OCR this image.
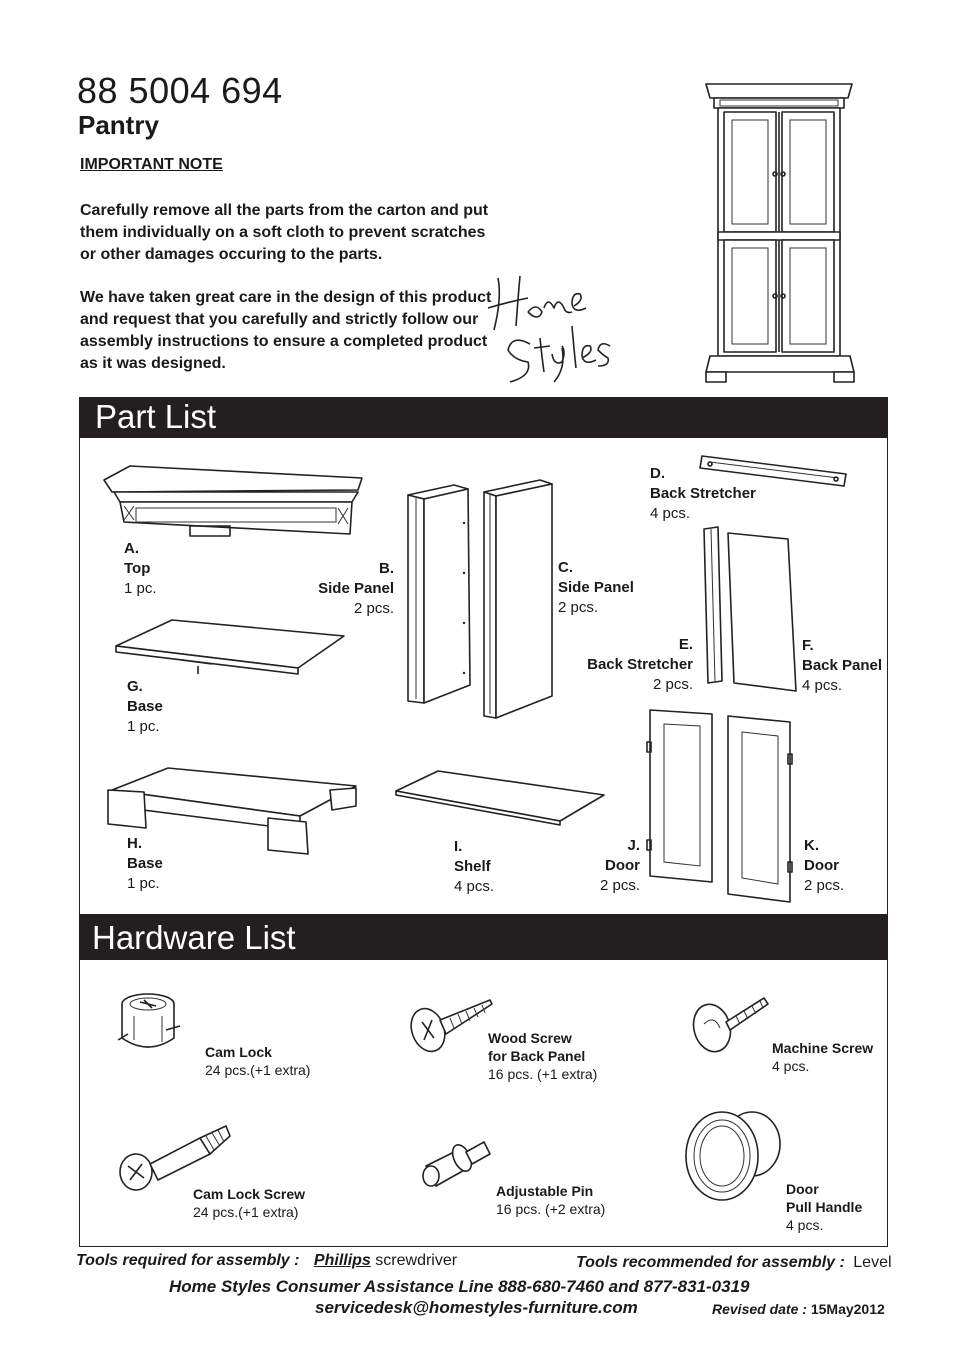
88 5004 694
Pantry
IMPORTANT NOTE
Carefully remove all the parts from the carton and put them individually on a soft cloth to prevent scratches or other damages occuring to the parts.
We have taken great care in the design of this product and request that you carefully and strictly follow our assembly instructions to ensure a completed product as it was designed.
Part List
A.
Top
1 pc.
B.
Side Panel
2 pcs.
C.
Side Panel
2 pcs.
D.
Back Stretcher
4 pcs.
E.
Back Stretcher
2 pcs.
F.
Back Panel
4 pcs.
G.
Base
1 pc.
H.
Base
1 pc.
I.
Shelf
4 pcs.
J.
Door
2 pcs.
K.
Door
2 pcs.
Hardware List
Cam Lock
24 pcs.(+1 extra)
Wood Screw
for Back Panel
16 pcs. (+1 extra)
Machine Screw
4 pcs.
Cam Lock Screw
24 pcs.(+1 extra)
Adjustable Pin
16 pcs. (+2 extra)
Door
Pull Handle
4 pcs.
Tools required for assembly : Phillips screwdriver	Tools recommended for assembly : Level
Home Styles Consumer Assistance Line 888-680-7460 and 877-831-0319
servicedesk@homestyles-furniture.com	Revised date : 15May2012
